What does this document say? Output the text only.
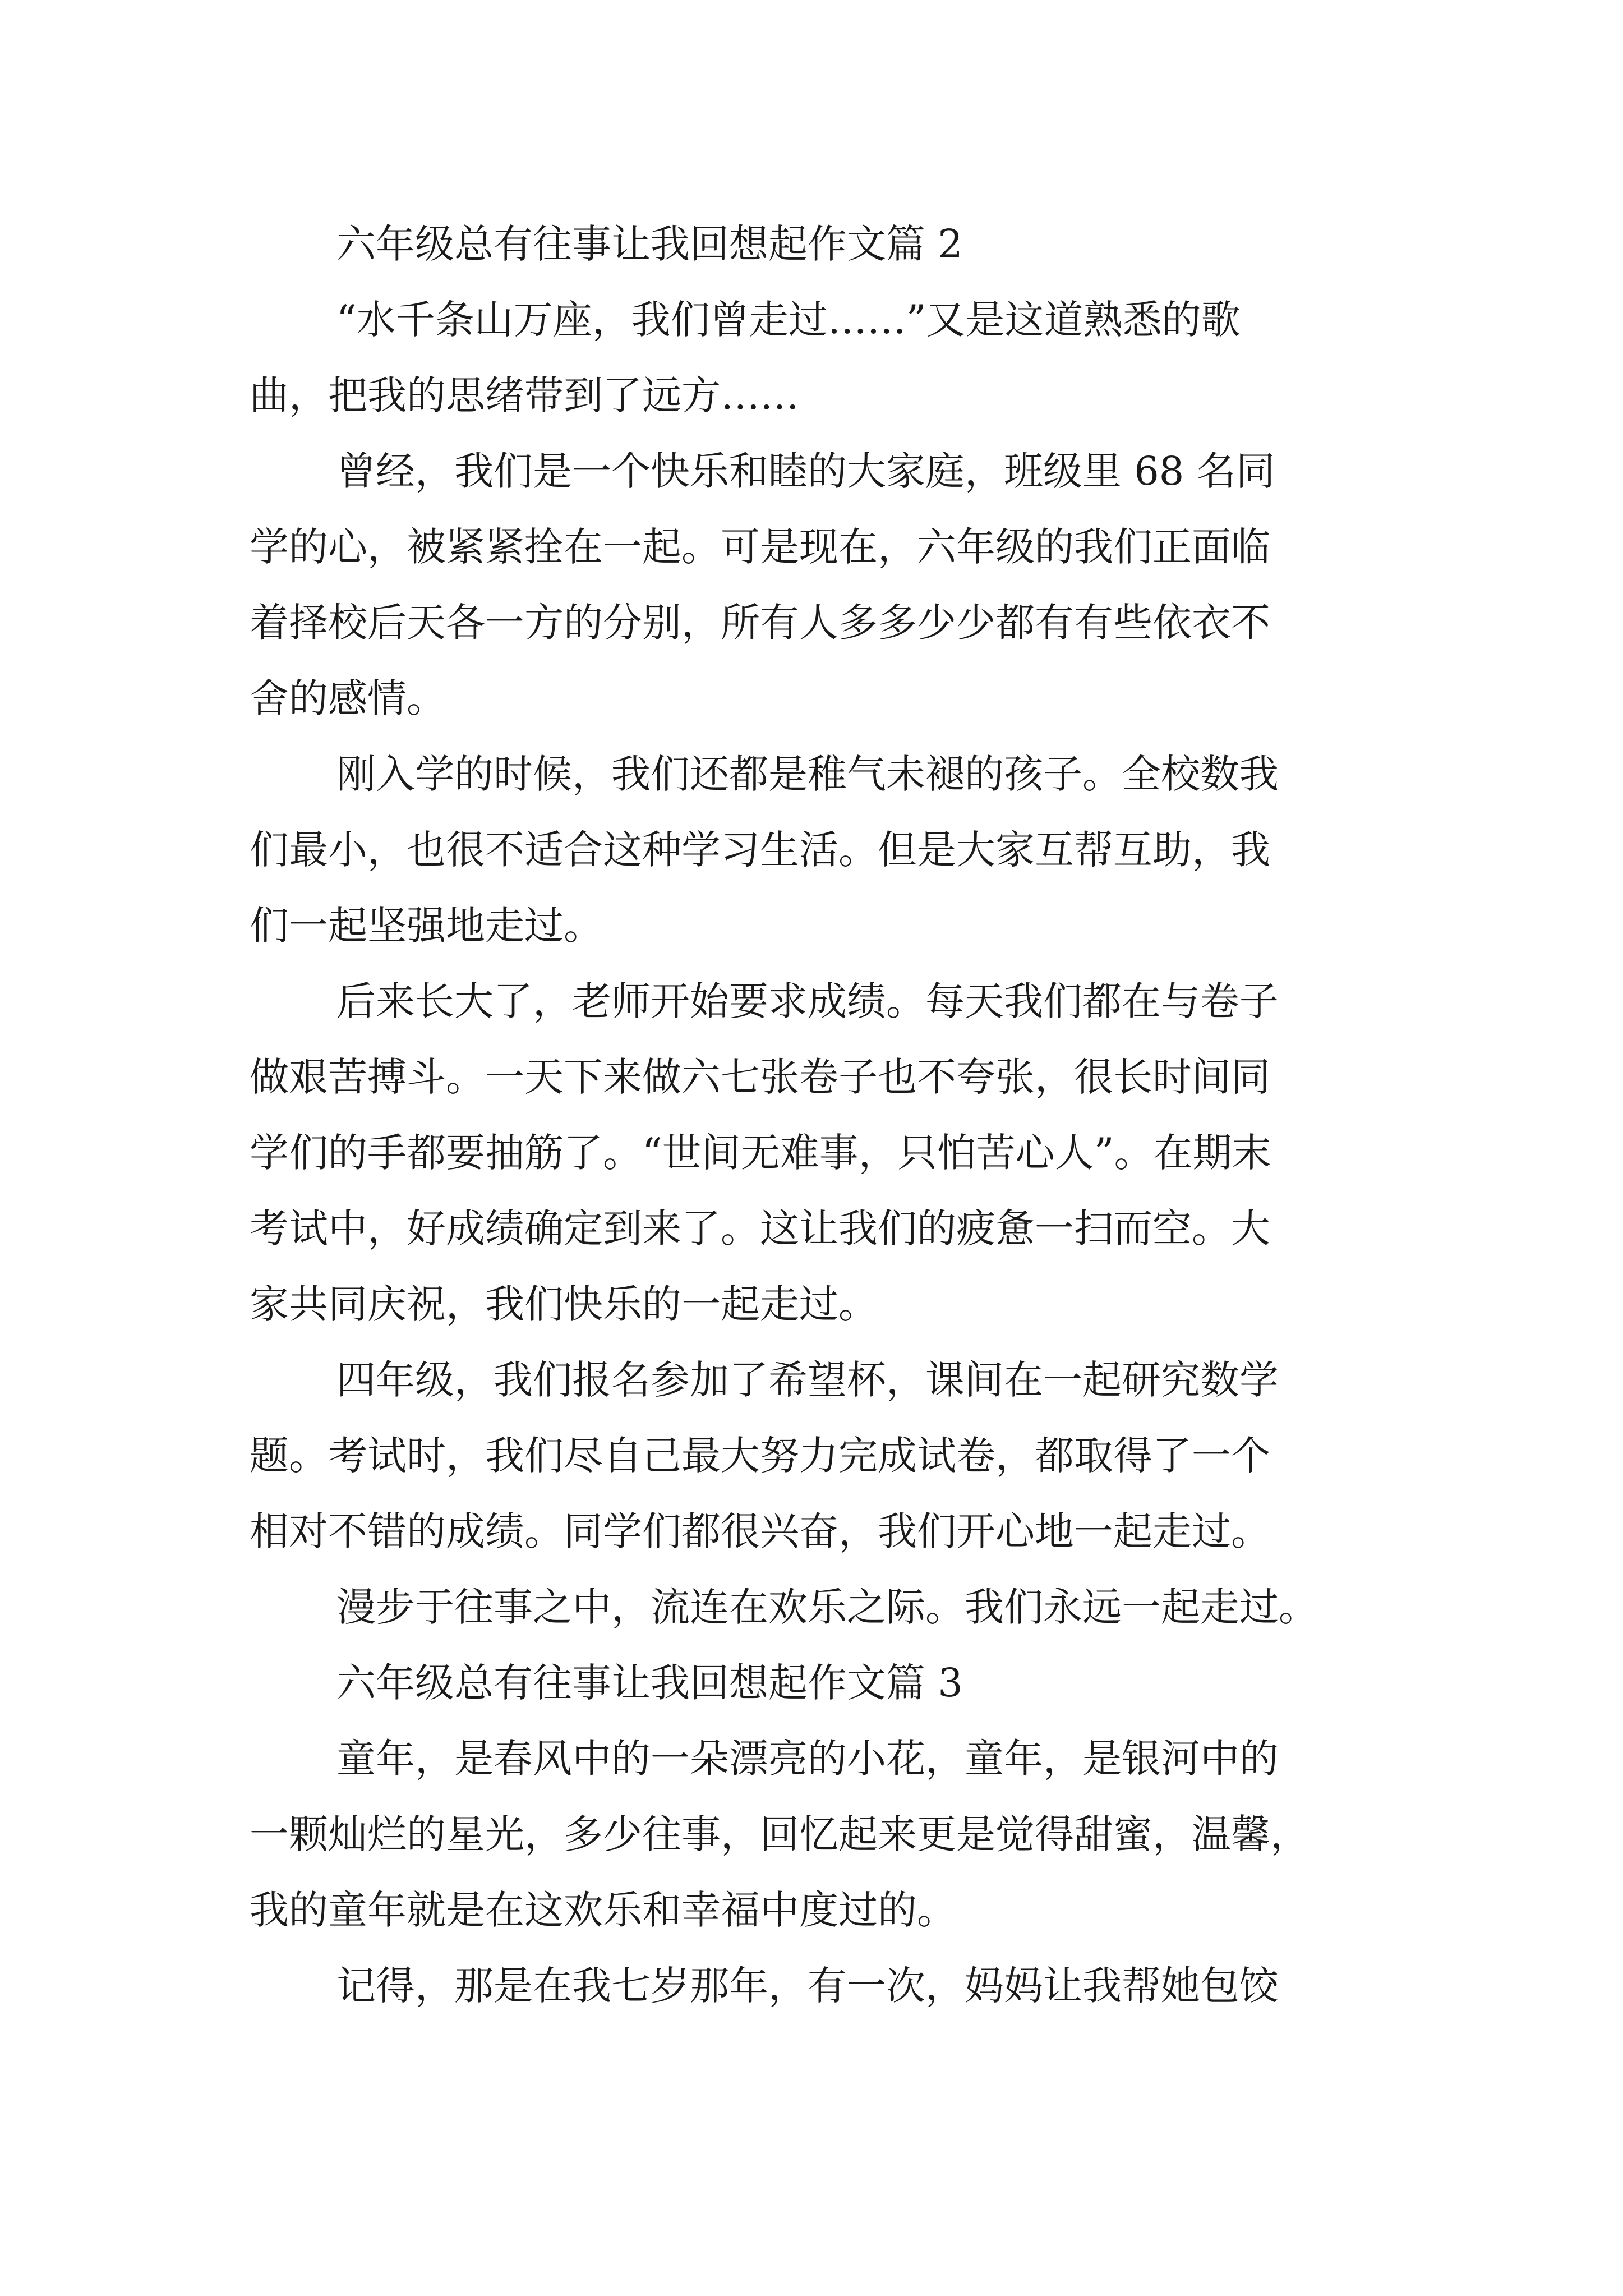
六年级总有往事让我回想起作文篇 2

“水千条山万座，我们曾走过……”又是这道熟悉的歌

曲，把我的思绪带到了远方……

曾经，我们是一个快乐和睦的大家庭，班级里 68 名同

学的心，被紧紧拴在一起。可是现在，六年级的我们正面临

着择校后天各一方的分别，所有人多多少少都有有些依衣不

舍的感情。

刚入学的时候，我们还都是稚气未褪的孩子。全校数我

们最小，也很不适合这种学习生活。但是大家互帮互助，我

们一起坚强地走过。

后来长大了，老师开始要求成绩。每天我们都在与卷子

做艰苦搏斗。一天下来做六七张卷子也不夸张，很长时间同

学们的手都要抽筋了。“世间无难事，只怕苦心人”。在期末

考试中，好成绩确定到来了。这让我们的疲惫一扫而空。大

家共同庆祝，我们快乐的一起走过。

四年级，我们报名参加了希望杯，课间在一起研究数学

题。考试时，我们尽自己最大努力完成试卷，都取得了一个

相对不错的成绩。同学们都很兴奋，我们开心地一起走过。

漫步于往事之中，流连在欢乐之际。我们永远一起走过。

六年级总有往事让我回想起作文篇 3

童年，是春风中的一朵漂亮的小花，童年，是银河中的

一颗灿烂的星光，多少往事，回忆起来更是觉得甜蜜，温馨，

我的童年就是在这欢乐和幸福中度过的。

记得，那是在我七岁那年，有一次，妈妈让我帮她包饺
